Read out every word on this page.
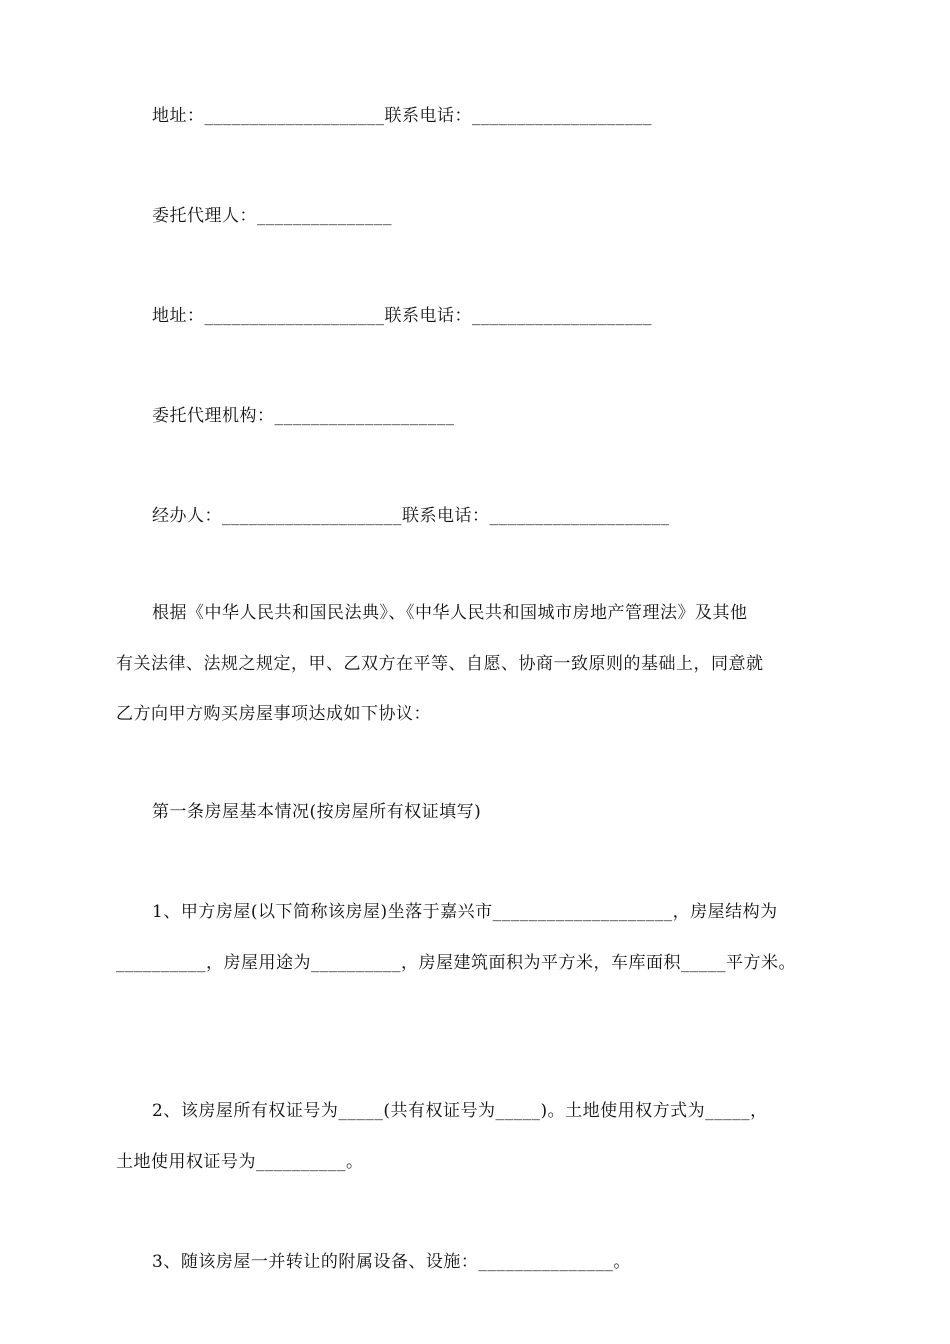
地址：____________________联系电话：____________________
委托代理人：_______________
地址：____________________联系电话：____________________
委托代理机构：____________________
经办人：____________________联系电话：____________________
根据《中华人民共和国民法典》、《中华人民共和国城市房地产管理法》及其他
有关法律、法规之规定，甲、乙双方在平等、自愿、协商一致原则的基础上，同意就
乙方向甲方购买房屋事项达成如下协议：
第一条房屋基本情况(按房屋所有权证填写)
1、甲方房屋(以下简称该房屋)坐落于嘉兴市____________________，房屋结构为
__________，房屋用途为__________，房屋建筑面积为平方米，车库面积_____平方米。
2、该房屋所有权证号为_____(共有权证号为_____)。土地使用权方式为_____，
土地使用权证号为__________。
3、随该房屋一并转让的附属设备、设施：_______________。
